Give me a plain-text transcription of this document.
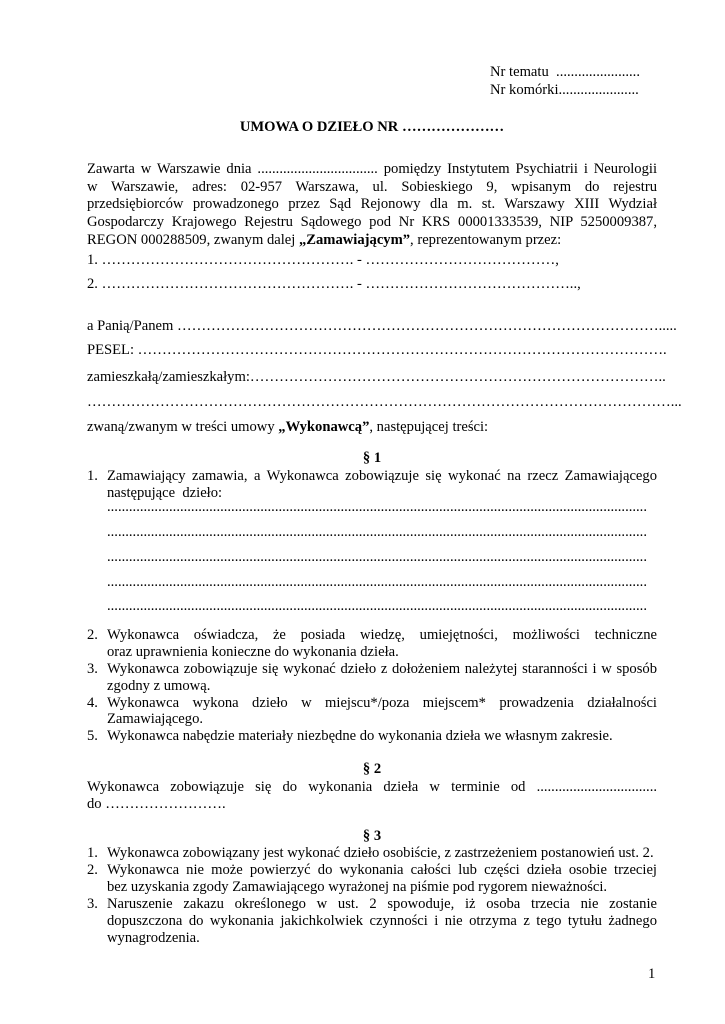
Nr tematu  .......................
Nr komórki......................
UMOWA O DZIEŁO NR …………………
Zawarta w Warszawie dnia ................................. pomiędzy Instytutem Psychiatrii i Neurologii
w Warszawie, adres: 02-957 Warszawa, ul. Sobieskiego 9, wpisanym do rejestru
przedsiębiorców prowadzonego przez Sąd Rejonowy dla m. st. Warszawy XIII Wydział
Gospodarczy Krajowego Rejestru Sądowego pod Nr KRS 00001333539, NIP 5250009387,
REGON 000288509, zwanym dalej „Zamawiającym”, reprezentowanym przez:
1. ……………………………………………. - …………………………………,
2. ……………………………………………. - ……………………………………..,
a Panią/Panem ……………………………………………………………………………………….....
PESEL: ……………………………………………………………………………………………….
zamieszkałą/zamieszkałym:…………………………………………………………………………..
…………………………………………………………………………………………………………...
zwaną/zwanym w treści umowy „Wykonawcą”, następującej treści:
§ 1
1. Zamawiający zamawia, a Wykonawca zobowiązuje się wykonać na rzecz Zamawiającego
następujące  dzieło:
....................................................................................................................................................
....................................................................................................................................................
....................................................................................................................................................
....................................................................................................................................................
....................................................................................................................................................
2. Wykonawca oświadcza, że posiada wiedzę, umiejętności, możliwości techniczne
oraz uprawnienia konieczne do wykonania dzieła.
3. Wykonawca zobowiązuje się wykonać dzieło z dołożeniem należytej staranności i w sposób
zgodny z umową.
4. Wykonawca wykona dzieło w miejscu*/poza miejscem* prowadzenia działalności
Zamawiającego.
5. Wykonawca nabędzie materiały niezbędne do wykonania dzieła we własnym zakresie.
§ 2
Wykonawca zobowiązuje się do wykonania dzieła w terminie od .................................
do …………………….
§ 3
1. Wykonawca zobowiązany jest wykonać dzieło osobiście, z zastrzeżeniem postanowień ust. 2.
2. Wykonawca nie może powierzyć do wykonania całości lub części dzieła osobie trzeciej
bez uzyskania zgody Zamawiającego wyrażonej na piśmie pod rygorem nieważności.
3. Naruszenie zakazu określonego w ust. 2 spowoduje, iż osoba trzecia nie zostanie
dopuszczona do wykonania jakichkolwiek czynności i nie otrzyma z tego tytułu żadnego
wynagrodzenia.
1
